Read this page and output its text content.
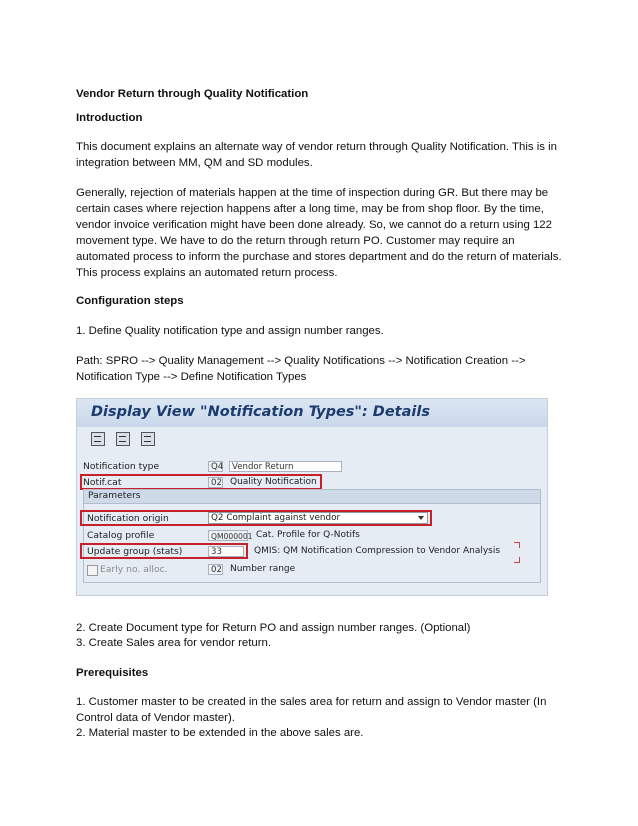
Vendor Return through Quality Notification

Introduction

This document explains an alternate way of vendor return through Quality Notification. This is in integration between MM, QM and SD modules.

Generally, rejection of materials happen at the time of inspection during GR. But there may be certain cases where rejection happens after a long time, may be from shop floor. By the time, vendor invoice verification might have been done already. So, we cannot do a return using 122 movement type. We have to do the return through return PO. Customer may require an automated process to inform the purchase and stores department and do the return of materials. This process explains an automated return process.

Configuration steps

1. Define Quality notification type and assign number ranges.

Path: SPRO --> Quality Management --> Quality Notifications --> Notification Creation --> Notification Type --> Define Notification Types

Display View "Notification Types": Details

Notification type	Q4	Vendor Return
Notif.cat	02 Quality Notification
Parameters
Notification origin	Q2 Complaint against vendor
Catalog profile	QM000001 Cat. Profile for Q-Notifs
Update group (stats)	33	QMIS: QM Notification Compression to Vendor Analysis
Early no. alloc.	02 Number range

2. Create Document type for Return PO and assign number ranges. (Optional)

3. Create Sales area for vendor return.

Prerequisites

1. Customer master to be created in the sales area for return and assign to Vendor master (In Control data of Vendor master).

2. Material master to be extended in the above sales are.
